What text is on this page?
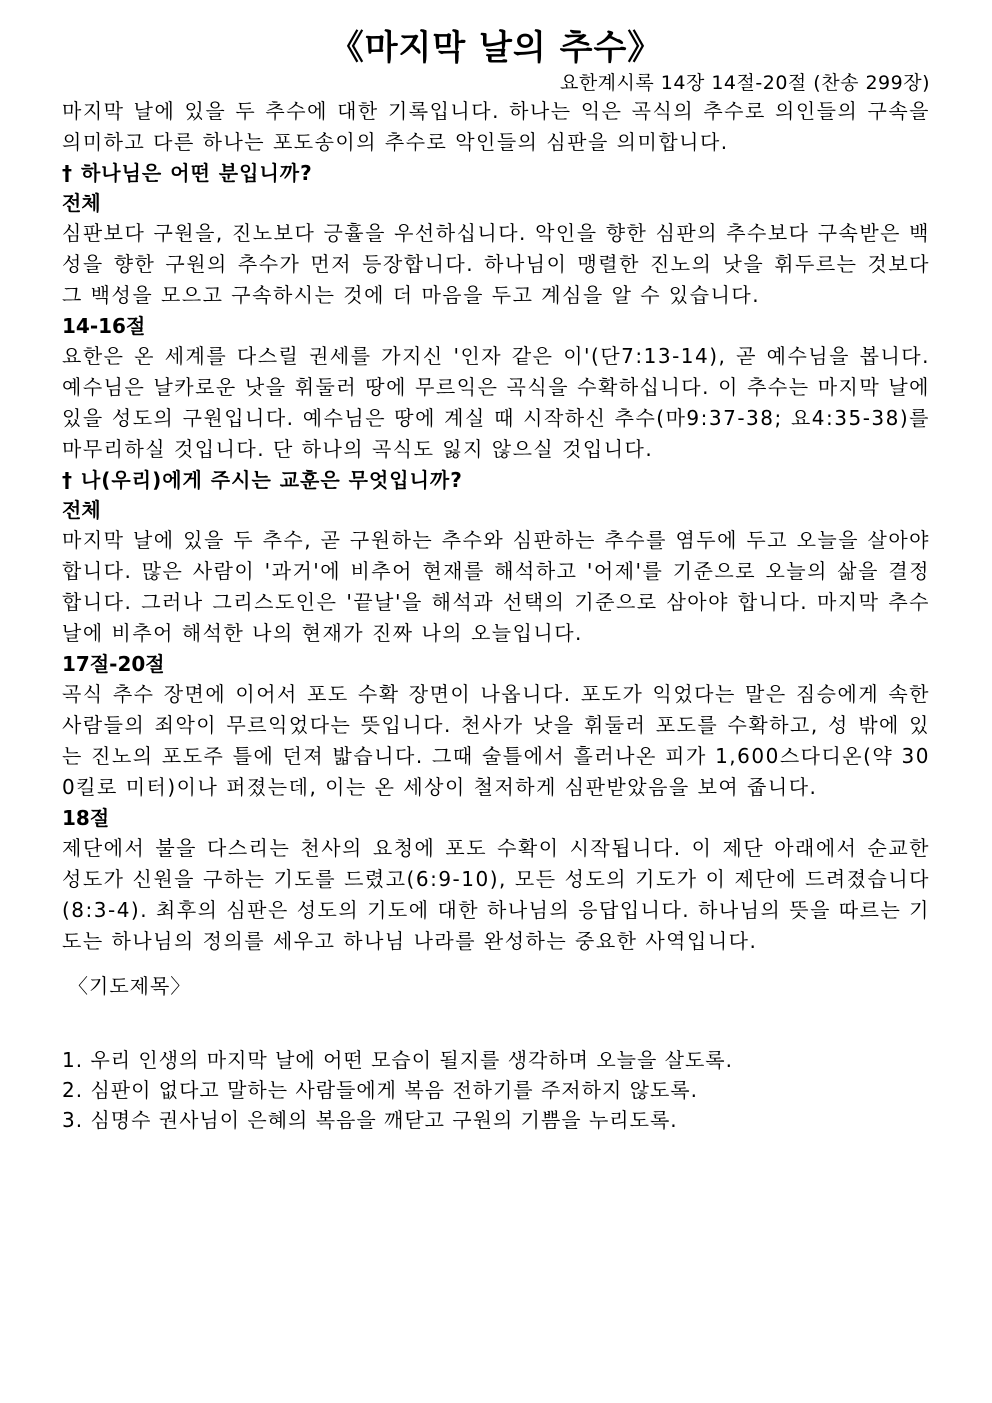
《마지막 날의 추수》

요한계시록 14장 14절-20절 (찬송 299장)

마지막 날에 있을 두 추수에 대한 기록입니다. 하나는 익은 곡식의 추수로 의인들의 구속을 의미하고 다른 하나는 포도송이의 추수로 악인들의 심판을 의미합니다.

† 하나님은 어떤 분입니까?

전체

심판보다 구원을, 진노보다 긍휼을 우선하십니다. 악인을 향한 심판의 추수보다 구속받은 백성을 향한 구원의 추수가 먼저 등장합니다. 하나님이 맹렬한 진노의 낫을 휘두르는 것보다 그 백성을 모으고 구속하시는 것에 더 마음을 두고 계심을 알 수 있습니다.

14-16절

요한은 온 세계를 다스릴 권세를 가지신 '인자 같은 이'(단7:13-14), 곧 예수님을 봅니다. 예수님은 날카로운 낫을 휘둘러 땅에 무르익은 곡식을 수확하십니다. 이 추수는 마지막 날에 있을 성도의 구원입니다. 예수님은 땅에 계실 때 시작하신 추수(마9:37-38; 요4:35-38)를 마무리하실 것입니다. 단 하나의 곡식도 잃지 않으실 것입니다.

† 나(우리)에게 주시는 교훈은 무엇입니까?

전체

마지막 날에 있을 두 추수, 곧 구원하는 추수와 심판하는 추수를 염두에 두고 오늘을 살아야 합니다. 많은 사람이 '과거'에 비추어 현재를 해석하고 '어제'를 기준으로 오늘의 삶을 결정합니다. 그러나 그리스도인은 '끝날'을 해석과 선택의 기준으로 삼아야 합니다. 마지막 추수 날에 비추어 해석한 나의 현재가 진짜 나의 오늘입니다.

17절-20절

곡식 추수 장면에 이어서 포도 수확 장면이 나옵니다. 포도가 익었다는 말은 짐승에게 속한 사람들의 죄악이 무르익었다는 뜻입니다. 천사가 낫을 휘둘러 포도를 수확하고, 성 밖에 있는 진노의 포도주 틀에 던져 밟습니다. 그때 술틀에서 흘러나온 피가 1,600스다디온(약 300킬로 미터)이나 퍼졌는데, 이는 온 세상이 철저하게 심판받았음을 보여 줍니다.

18절

제단에서 불을 다스리는 천사의 요청에 포도 수확이 시작됩니다. 이 제단 아래에서 순교한 성도가 신원을 구하는 기도를 드렸고(6:9-10), 모든 성도의 기도가 이 제단에 드려졌습니다(8:3-4). 최후의 심판은 성도의 기도에 대한 하나님의 응답입니다. 하나님의 뜻을 따르는 기도는 하나님의 정의를 세우고 하나님 나라를 완성하는 중요한 사역입니다.

〈기도제목〉

1. 우리 인생의 마지막 날에 어떤 모습이 될지를 생각하며 오늘을 살도록.
2. 심판이 없다고 말하는 사람들에게 복음 전하기를 주저하지 않도록.
3. 심명수 권사님이 은혜의 복음을 깨닫고 구원의 기쁨을 누리도록.
